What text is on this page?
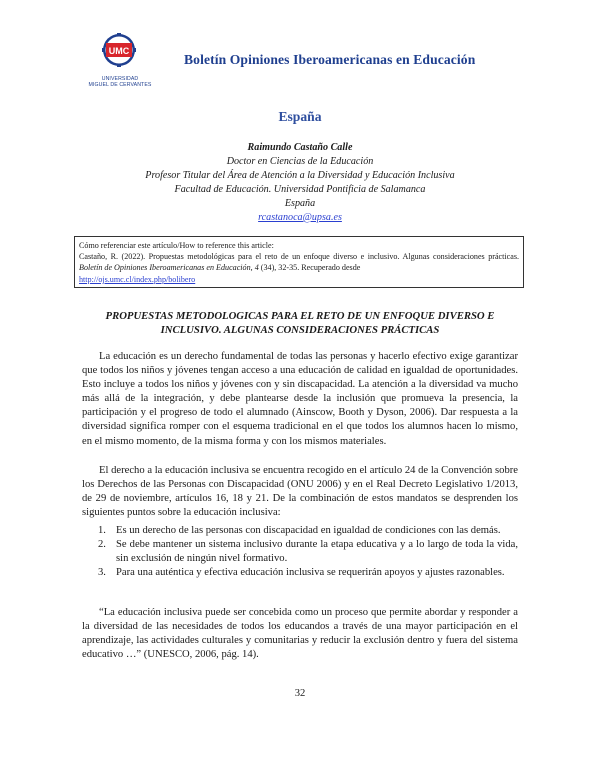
UMC
UNIVERSIDAD
MIGUEL DE CERVANTES
Boletín Opiniones Iberoamericanas en Educación
España
Raimundo Castaño Calle
Doctor en Ciencias de la Educación
Profesor Titular del Área de Atención a la Diversidad y Educación Inclusiva
Facultad de Educación. Universidad Pontificia de Salamanca
España
rcastanoca@upsa.es

Cómo referenciar este artículo/How to reference this article:

Castaño, R. (2022). Propuestas metodológicas para el reto de un enfoque diverso e inclusivo. Algunas consideraciones prácticas. Boletín de Opiniones Iberoamericanas en Educación, 4 (34), 32-35. Recuperado desde
http://ojs.umc.cl/index.php/bolibero

PROPUESTAS METODOLOGICAS PARA EL RETO DE UN ENFOQUE DIVERSO E INCLUSIVO. ALGUNAS CONSIDERACIONES PRÁCTICAS

La educación es un derecho fundamental de todas las personas y hacerlo efectivo exige garantizar que todos los niños y jóvenes tengan acceso a una educación de calidad en igualdad de oportunidades. Esto incluye a todos los niños y jóvenes con y sin discapacidad. La atención a la diversidad va mucho más allá de la integración, y debe plantearse desde la inclusión que promueva la presencia, la participación y el progreso de todo el alumnado (Ainscow, Booth y Dyson, 2006). Dar respuesta a la diversidad significa romper con el esquema tradicional en el que todos los alumnos hacen lo mismo, en el mismo momento, de la misma forma y con los mismos materiales.

El derecho a la educación inclusiva se encuentra recogido en el artículo 24 de la Convención sobre los Derechos de las Personas con Discapacidad (ONU 2006) y en el Real Decreto Legislativo 1/2013, de 29 de noviembre, artículos 16, 18 y 21. De la combinación de estos mandatos se desprenden los siguientes puntos sobre la educación inclusiva:

1. Es un derecho de las personas con discapacidad en igualdad de condiciones con las demás.
2. Se debe mantener un sistema inclusivo durante la etapa educativa y a lo largo de toda la vida, sin exclusión de ningún nivel formativo.
3. Para una auténtica y efectiva educación inclusiva se requerirán apoyos y ajustes razonables.

“La educación inclusiva puede ser concebida como un proceso que permite abordar y responder a la diversidad de las necesidades de todos los educandos a través de una mayor participación en el aprendizaje, las actividades culturales y comunitarias y reducir la exclusión dentro y fuera del sistema educativo …” (UNESCO, 2006, pág. 14).

32
